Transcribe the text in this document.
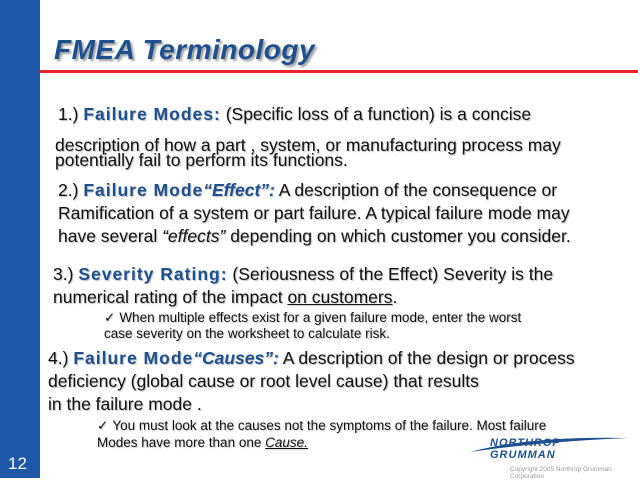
12
FMEA Terminology

1.) Failure Modes: (Specific loss of a function) is a concise

description of how a part , system, or manufacturing process may

potentially fail to perform its functions.

2.) Failure Mode“Effect”: A description of the consequence or

Ramification of a system or part failure. A typical failure mode may

have several “effects” depending on which customer you consider.

3.) Severity Rating: (Seriousness of the Effect) Severity is the

numerical rating of the impact on customers.

✓ When multiple effects exist for a given failure mode, enter the worst

case severity on the worksheet to calculate risk.

4.) Failure Mode“Causes”: A description of the design or process

deficiency (global cause or root level cause) that results

in the failure mode .

✓ You must look at the causes not the symptoms of the failure. Most failure

Modes have more than one Cause.	NORTHROP GRUMMAN
Copyright 2005 Northrop Grumman Corporation
